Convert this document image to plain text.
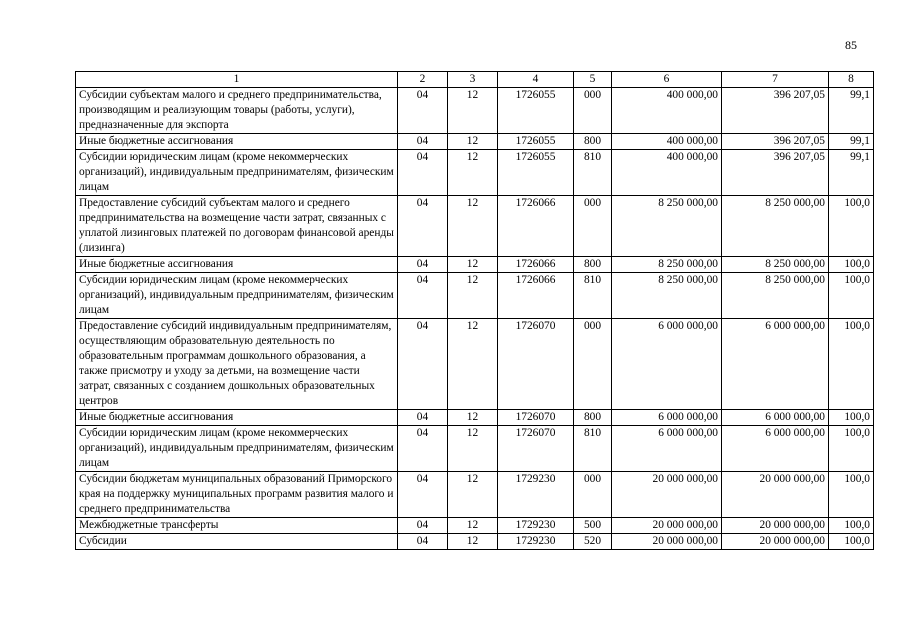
85
1	2	3	4	5	6	7	8
Субсидии субъектам малого и среднего предпринимательства, производящим и реализующим товары (работы, услуги), предназначенные для экспорта	04	12	1726055	000	400 000,00	396 207,05	99,1
Иные бюджетные ассигнования	04	12	1726055	800	400 000,00	396 207,05	99,1
Субсидии юридическим лицам (кроме некоммерческих организаций), индивидуальным предпринимателям, физическим лицам	04	12	1726055	810	400 000,00	396 207,05	99,1
Предоставление субсидий субъектам малого и среднего предпринимательства на возмещение части затрат, связанных с уплатой лизинговых платежей по договорам финансовой аренды (лизинга)	04	12	1726066	000	8 250 000,00	8 250 000,00	100,0
Иные бюджетные ассигнования	04	12	1726066	800	8 250 000,00	8 250 000,00	100,0
Субсидии юридическим лицам (кроме некоммерческих организаций), индивидуальным предпринимателям, физическим лицам	04	12	1726066	810	8 250 000,00	8 250 000,00	100,0
Предоставление субсидий индивидуальным предпринимателям, осуществляющим образовательную деятельность по образовательным программам дошкольного образования, а также присмотру и уходу за детьми, на возмещение части затрат, связанных с созданием дошкольных образовательных центров	04	12	1726070	000	6 000 000,00	6 000 000,00	100,0
Иные бюджетные ассигнования	04	12	1726070	800	6 000 000,00	6 000 000,00	100,0
Субсидии юридическим лицам (кроме некоммерческих организаций), индивидуальным предпринимателям, физическим лицам	04	12	1726070	810	6 000 000,00	6 000 000,00	100,0
Субсидии бюджетам муниципальных образований Приморского края на поддержку муниципальных программ развития малого и среднего предпринимательства	04	12	1729230	000	20 000 000,00	20 000 000,00	100,0
Межбюджетные трансферты	04	12	1729230	500	20 000 000,00	20 000 000,00	100,0
Субсидии	04	12	1729230	520	20 000 000,00	20 000 000,00	100,0
